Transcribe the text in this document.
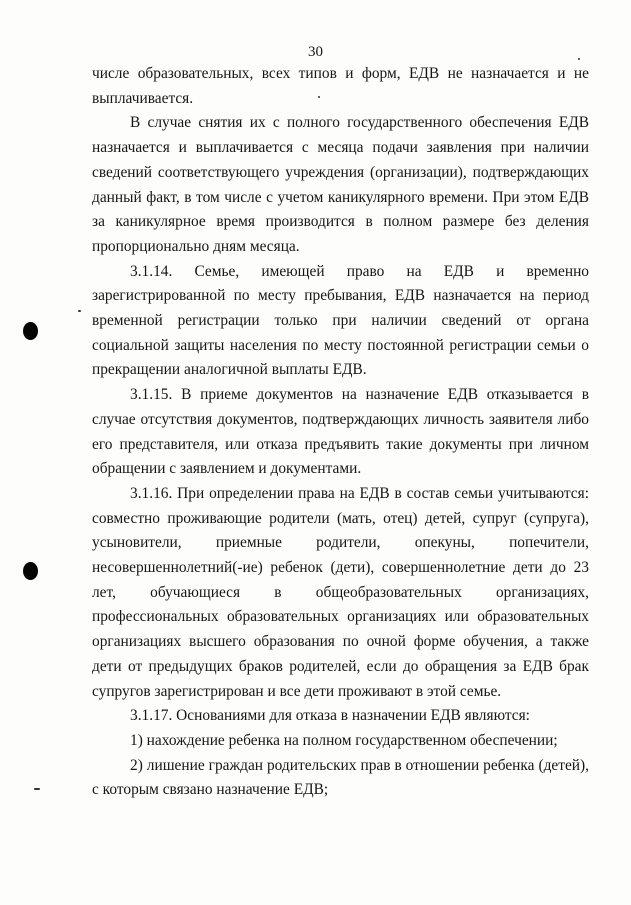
30

числе образовательных, всех типов и форм, ЕДВ не назначается и не выплачивается.

В случае снятия их с полного государственного обеспечения ЕДВ назначается и выплачивается с месяца подачи заявления при наличии сведений соответствующего учреждения (организации), подтверждающих данный факт, в том числе с учетом каникулярного времени. При этом ЕДВ за каникулярное время производится в полном размере без деления пропорционально дням месяца.

3.1.14. Семье, имеющей право на ЕДВ и временно зарегистрированной по месту пребывания, ЕДВ назначается на период временной регистрации только при наличии сведений от органа социальной защиты населения по месту постоянной регистрации семьи о прекращении аналогичной выплаты ЕДВ.

3.1.15. В приеме документов на назначение ЕДВ отказывается в случае отсутствия документов, подтверждающих личность заявителя либо его представителя, или отказа предъявить такие документы при личном обращении с заявлением и документами.

3.1.16. При определении права на ЕДВ в состав семьи учитываются: совместно проживающие родители (мать, отец) детей, супруг (супруга), усыновители, приемные родители, опекуны, попечители, несовершеннолетний(-ие) ребенок (дети), совершеннолетние дети до 23 лет, обучающиеся в общеобразовательных организациях, профессиональных образовательных организациях или образовательных организациях высшего образования по очной форме обучения, а также дети от предыдущих браков родителей, если до обращения за ЕДВ брак супругов зарегистрирован и все дети проживают в этой семье.

3.1.17. Основаниями для отказа в назначении ЕДВ являются:

1) нахождение ребенка на полном государственном обеспечении;

2) лишение граждан родительских прав в отношении ребенка (детей), с которым связано назначение ЕДВ;
